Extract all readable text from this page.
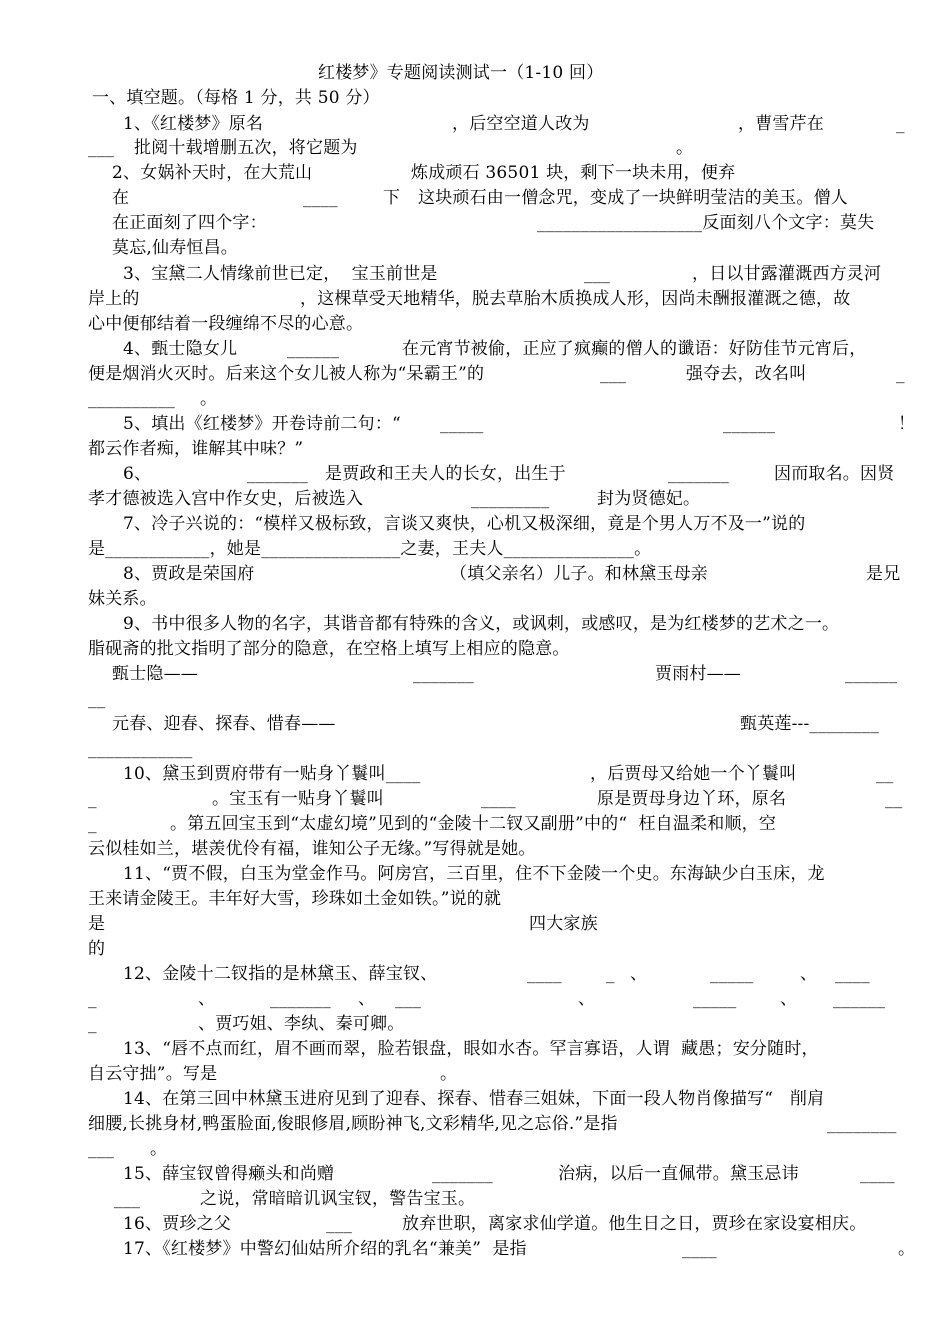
红楼梦》专题阅读测试一（1-10 回）
一、填空题。（每格 1 分，共 50 分）
1、《红楼梦》原名	，后空空道人改为	，曹雪芹在	_
___ 批阅十载增删五次，将它题为	。
2、女娲补天时，在大荒山	炼成顽石 36501 块，剩下一块未用，便弃
在	____	下 这块顽石由一僧念咒，变成了一块鲜明莹洁的美玉。僧人
在正面刻了四个字：	___________________反面刻八个文字：莫失
莫忘,仙寿恒昌。
3、宝黛二人情缘前世已定，  宝玉前世是	___	，日以甘露灌溉西方灵河
岸上的	，这棵草受天地精华，脱去草胎木质换成人形，因尚未酬报灌溉之德，故
心中便郁结着一段缠绵不尽的心意。
4、甄士隐女儿	______	在元宵节被偷，正应了疯癫的僧人的谶语：好防佳节元宵后，
便是烟消火灭时。后来这个女儿被人称为“呆霸王”的	___	强夺去，改名叫	_
__________ 。
5、填出《红楼梦》开卷诗前二句：“ _____	______	！
都云作者痴，谁解其中味？”
6、	_______ 是贾政和王夫人的长女，出生于	_______	因而取名。因贤
孝才德被选入宫中作女史，后被选入	_________	封为贤德妃。
7、冷子兴说的：“模样又极标致，言谈又爽快，心机又极深细，竟是个男人万不及一”说的
是____________，她是________________之妻，王夫人_______________。
8、贾政是荣国府	（填父亲名）儿子。和林黛玉母亲	是兄
妹关系。
9、书中很多人物的名字，其谐音都有特殊的含义，或讽刺，或感叹，是为红楼梦的艺术之一。
脂砚斋的批文指明了部分的隐意，在空格上填写上相应的隐意。
甄士隐——	_______	贾雨村——	______
__
元春、迎春、探春、惜春——	甄英莲---________
____________
10、黛玉到贾府带有一贴身丫鬟叫____	，后贾母又给她一个丫鬟叫	__
_	。宝玉有一贴身丫鬟叫	____	原是贾母身边丫环，原名	__
_	。第五回宝玉到“太虚幻境”见到的“金陵十二钗又副册”中的“  枉自温柔和顺，空
云似桂如兰，堪羡优伶有福，谁知公子无缘。”写得就是她。
11、“贾不假，白玉为堂金作马。阿房宫，三百里，住不下金陵一个史。东海缺少白玉床，龙
王来请金陵王。丰年好大雪，珍珠如土金如铁。”说的就
是	四大家族
的
12、金陵十二钗指的是林黛玉、薛宝钗、	____	_ 、	_____	、 ____
_	、	_______ 、 ___	、	_____	、 ______
_	、贾巧姐、李纨、秦可卿。
13、“唇不点而红，眉不画而翠，脸若银盘，眼如水杏。罕言寡语，人谓  藏愚；安分随时，
自云守拙”。写是	。
14、在第三回中林黛玉进府见到了迎春、探春、惜春三姐妹，下面一段人物肖像描写“   削肩
细腰,长挑身材,鸭蛋脸面,俊眼修眉,顾盼神飞,文彩精华,见之忘俗.”是指	________
___ 。
15、薛宝钗曾得癞头和尚赠	_______	治病，以后一直佩带。黛玉忌讳	____
___	之说，常暗暗讥讽宝钗，警告宝玉。
16、贾珍之父	___	放弃世职，离家求仙学道。他生日之日，贾珍在家设宴相庆。
17、《红楼梦》中警幻仙姑所介绍的乳名“兼美”  是指	____	。
